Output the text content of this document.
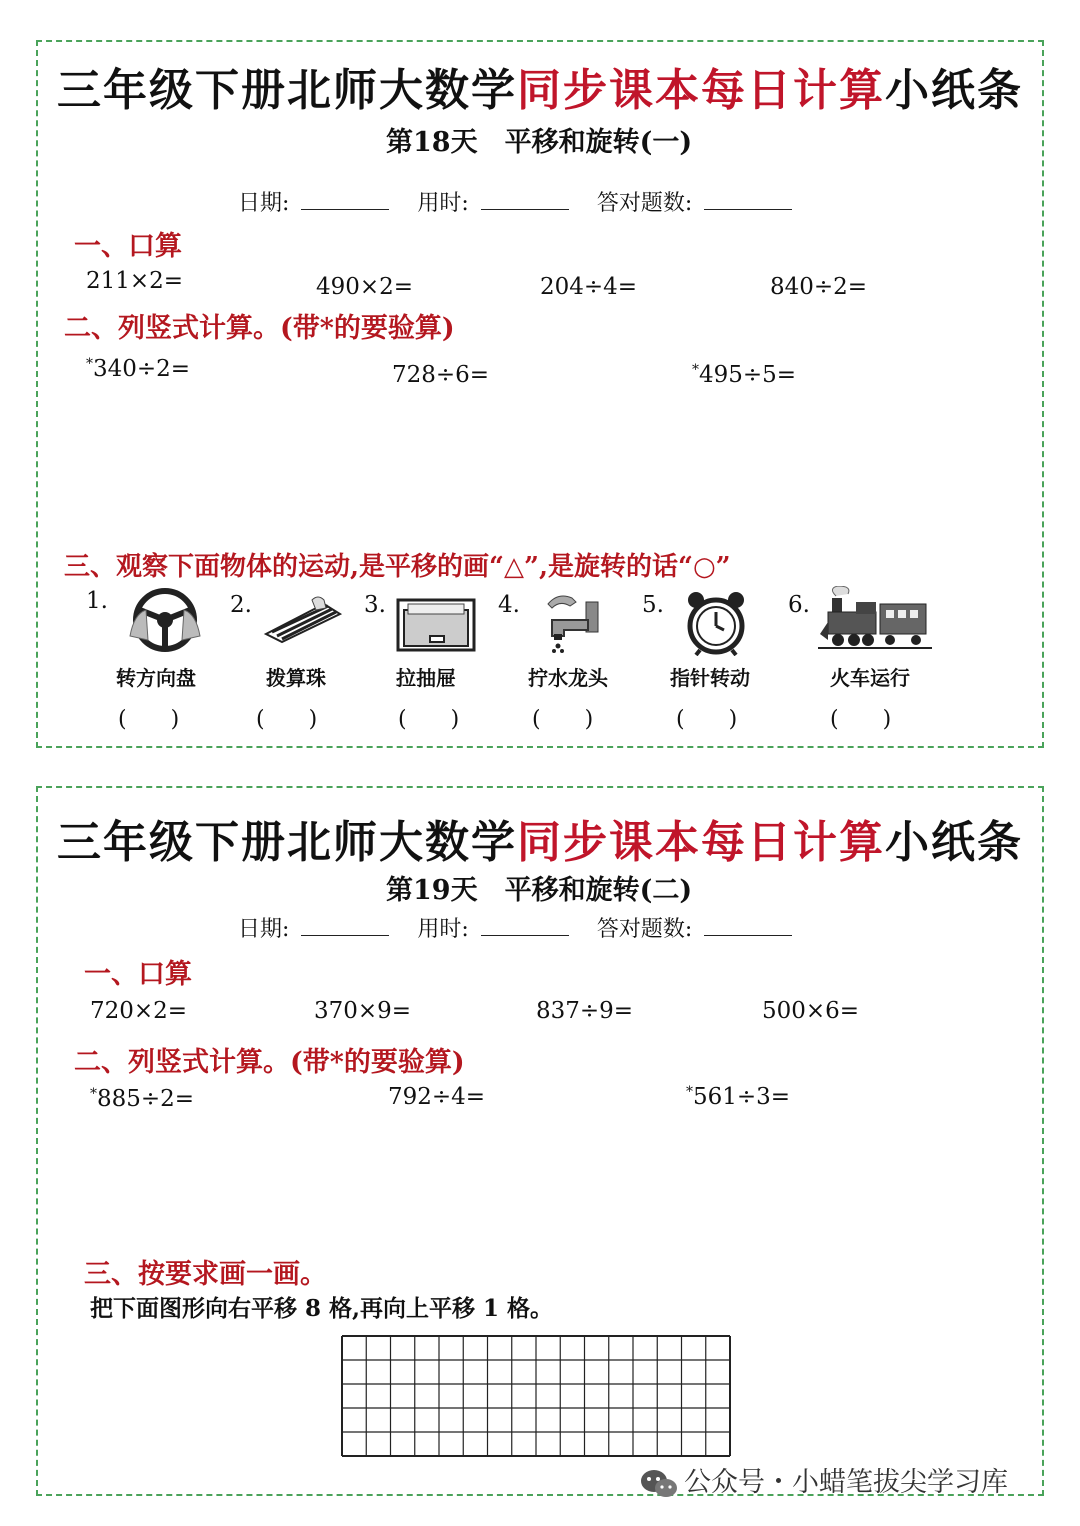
三年级下册北师大数学同步课本每日计算小纸条
第18天　平移和旋转(一)
日期:	用时:	答对题数:
一、口算
211×2=	490×2=	204÷4=	840÷2=
二、列竖式计算。(带*的要验算)
*340÷2=	728÷6=	*495÷5=
三、观察下面物体的运动,是平移的画“△”,是旋转的话“○”
1.	2.	3.	4.	5.	6.
转方向盘	拨算珠	拉抽屉	拧水龙头	指针转动	火车运行
(　　)	(　　)	(　　)	(　　)	(　　)	(　　)
三年级下册北师大数学同步课本每日计算小纸条
第19天　平移和旋转(二)
日期:	用时:	答对题数:
一、口算
720×2=	370×9=	837÷9=	500×6=
二、列竖式计算。(带*的要验算)
*885÷2=	792÷4=	*561÷3=
三、按要求画一画。
把下面图形向右平移 8 格,再向上平移 1 格。
公众号・小蜡笔拔尖学习库
